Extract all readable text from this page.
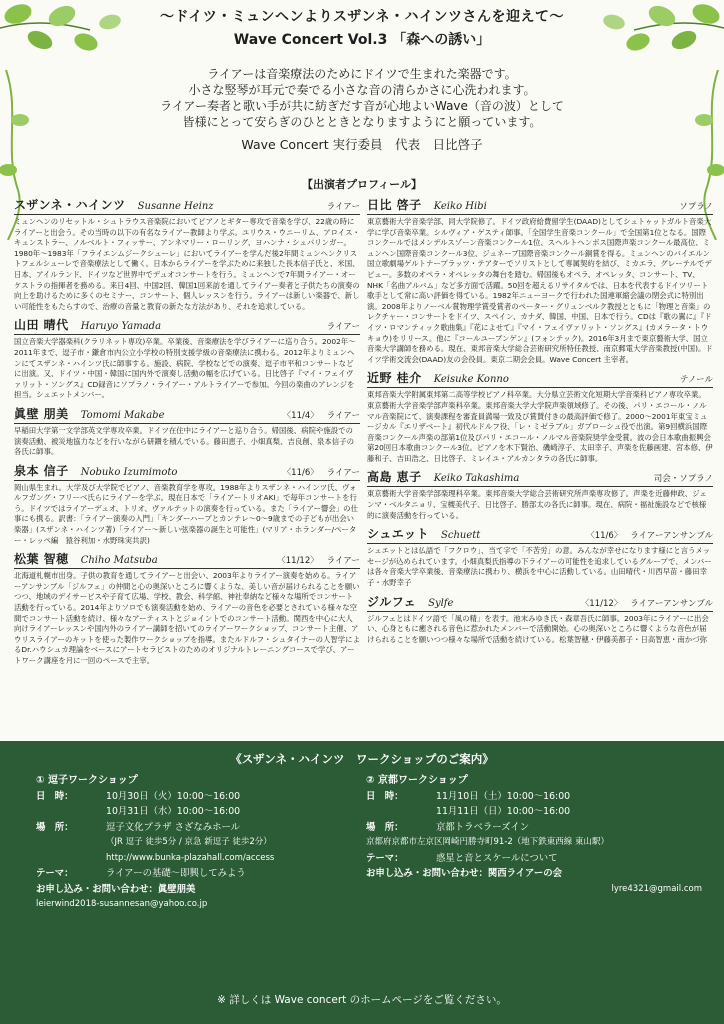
～ドイツ・ミュンヘンよりスザンネ・ハインツさんを迎えて～
Wave Concert Vol.3 「森への誘い」
ライアーは音楽療法のためにドイツで生まれた楽器です。
小さな竪琴が耳元で奏でる小さな音の清らかさに心洗われます。
ライアー奏者と歌い手が共に紡ぎだす音が心地よいWave（音の波）として
皆様にとって安らぎのひとときとなりますようにと願っています。
Wave Concert 実行委員　代表　日比啓子
【出演者プロフィール】
スザンネ・ハインツ Susanne Heinz	ライアー

ミュンヘンのリセットル・シュトラウス音楽院においてピアノとギター専攻で音楽を学び、22歳の時にライアーと出会う。その当時の以下の有名なライアー教師より学ぶ。ユリウス・ウニーリム、アロイス・キュンストラー、ノルベルト・フィッサー、アンネマリー・ローリング、ヨハンナ・シュパリンガー。1980年～1983年「フライエンムジークシューレ」においてライアーを学んだ後2年間ミュンヘンクリストフェルシューレで音楽療法として働く。日本からライアーを学ぶために来独した長本信子氏と、米国、日本、アイルランド、ドイツなど世界中でデュオコンサートを行う。ミュンヘンで7年間ライアー・オーケストラの指揮者を務める。来日4回、中国2回、韓国1回来訪を通してライアー奏者と子供たちの演奏の向上を助けるために多くのセミナー、コンサート、個人レッスンを行う。ライアーは新しい楽器で、新しい可能性をもたらすので、治療の音量と教育の新たな方法があり、それを追求している。

山田 晴代 Haruyo Yamada	ライアー

国立音楽大学器楽科(クラリネット専攻)卒業。卒業後、音楽療法を学びライアーに巡り合う。2002年～2011年まで、逗子市・鎌倉市内公立小学校の特別支援学級の音楽療法に携わる。2012年よりミュンヘンにてスザンネ・ハインツ氏に師事する。施設、病院、学校などでの演奏、逗子市平和コンサートなどに出演。又、ドイツ・中国・韓国に国内外で演奏し活動の幅を広げている。日比啓子『マイ・フェイヴァリット・ソングス』CD録音にソプラノ・ライアー・アルトライアーで参加。今回の楽曲のアレンジを担当。シュエットメンバー。

眞壁 朋美 Tomomi Makabe	〈11/4〉 ライアー

早稲田大学第一文学部英文学専攻卒業。ドイツ在住中にライアーと巡り合う。帰国後、病院や施設での演奏活動、被災地協力などを行いながら研鑽を積んでいる。藤田恵子、小畑真梨、吉良創、泉本信子の各氏に師事。

泉本 信子 Nobuko Izumimoto	〈11/6〉 ライアー

岡山県生まれ。大学及び大学院でピアノ、音楽教育学を専攻。1988年よりスザンネ・ハインツ氏、ヴォルフガング・フリーベ氏らにライアーを学ぶ。現在日本で「ライアートリオAKI」で毎年コンサートを行う。ドイツではライアーデュオ、トリオ、ヴァルテットの演奏を行っている。また「ライアー響会」の仕事にも携る。訳書：「ライアー演奏の入門」「キンダーハープとカンテレ～0～9歳までの子どもが出会い楽器」(スザンネ・ハインツ著)「ライアー～新しい弦楽器の誕生と可能性」(マリア・ホランダー/ペーター・レッペ編　猿谷利加・水野珠実共訳)

松葉 智穂 Chiho Matsuba	〈11/12〉 ライアー

北海道札幌市出身。子供の教育を通してライアーと出会い、2003年よりライアー演奏を始める。ライアーアンサンブル「ジルフェ」の仲間と心の奥深いところに響くような、美しい音が届けられることを願いつつ、地域のデイサービスや子育て広場、学校、教会、科学館、神社奉納など様々な場所でコンサート活動を行っている。2014年よりソロでも演奏活動を始め、ライアーの音色を必要とされている様々な空間でコンサート活動を続け、様々なアーティストとジョイントでのコンサート活動。関西を中心に大人向けライアーレッスンや国内外のライアー講師を招いてのライアーワークショップ、コンサート主催、アウリスライアーのキットを使った製作ワークショップを指導。またルドルフ・シュタイナーの人智学によるDr.ハウシュカ理論をベースにアートセラピストのためのオリジナルトレーニングコースで学び、アートワーク講座を月に一回のペースで主宰。

日比 啓子 Keiko Hibi	ソプラノ

東京藝術大学音楽学部、同大学院修了。ドイツ政府給費留学生(DAAD)としてシュトゥットガルト音楽大学に学び音楽卒業。シルヴィア・ゲスティ師事。「全国学生音楽コンクール」で全国第1位となる。国際コンクールではメンデルスゾーン音楽コンクール1位、スヘルトヘンボス国際声楽コンクール最高位、ミュンヘン国際音楽コンクール3位、ジュネーブ国際音楽コンクール銅賞を得る。ミュンヘンのバイエルン国立歌劇場ゲルトナープラッツ・テアターでソリストとして専属契約を結び、ミカエラ、グレーテルでデビュー。多数のオペラ・オペレッタの舞台を踏む。帰国後もオペラ、オペレッタ、コンサート、TV、NHK「名曲アルバム」など多方面で活躍。50回を超えるリサイタルでは、日本を代表するドイツリート歌手として常に高い評価を得ている。1982年ニューヨークで行われた国連軍縮会議の閉会式に特別出演。2008年よりノーベル賞物理学賞受賞者のペーター・グリュンベルク教授とともに「物理と音楽」のレクチャー・コンサートをドイツ、スペイン、カナダ、韓国、中国、日本で行う。CDは『歌の翼に』『ドイツ・ロマンティック歌曲集』『花によせて』『マイ・フェイヴァリット・ソングス』(カメラータ・トウキョウ)をリリース。他に『コールユーブンゲン』(フォンテック)。2016年3月まで東京藝術大学、国立音楽大学講師を務める。現在、東邦音楽大学総合芸術研究所特任教授、南京郵電大学音楽教授(中国)。ドイツ学術交流会(DAAD)友の会役員。東京二期会会員。Wave Concert 主宰者。

近野 桂介 Keisuke Konno	テノール

東邦音楽大学附属東邦第二高等学校ピアノ科卒業。大分県立芸術文化短期大学音楽科ピアノ専攻卒業。東京藝術大学音楽学部声楽科卒業。東邦音楽大学大学院声楽領域修了。その後、パリ・エコール・ノルマル音楽院にて、演奏課程を審査員満場一致及び賞賛付きの最高評価で修了。2000～2001年東宝ミュージカル『エリザベート』初代ルドルフ役、「レ・ミゼラブル」ガブローシュ役で出演。第9回横浜国際音楽コンクール声楽の部第1位及びパリ・エコール・ノルマル音楽院奨学金受賞。波の会日本歌曲振興会第20回日本歌曲コンクール3位。ピアノを木下賢治、磯崎淳子、太田幸子、声楽を佐藤画建、宮本修、伊藤和子、吉田浩之、日比啓子、ミレイユ・アルカンタラの各氏に師事。

高島 恵子 Keiko Takashima	司会・ソプラノ

東京藝術大学音楽学部楽理科卒業。東邦音楽大学総合芸術研究所声楽専攻修了。声楽を近藤伸政、ジェンマ・ベルタニョリ、宝槻美代子、日比啓子、勝部太の各氏に師事。現在、病院・福祉施設などで核様的に演奏活動を行っている。

シュエット Schuett	〈11/6〉 ライアーアンサンブル

シュエットとは仏語で「フクロウ」、当て字で「不苦労」の意。みんなが幸せになります様にと言うメッセージが込められています。小畑真梨氏指導の下ライアーの可能性を追求しているグループで、メンバーは各々音楽大学卒業後、音楽療法に携わり、横浜を中心に活動している。山田晴代・川西早苗・藤田幸子・水野幸子

ジルフェ Sylfe	〈11/12〉 ライアーアンサンブル

ジルフェとはドイツ語で「風の精」を表す。池末みゆき氏・森章吾氏に師事。2003年にライアーに出会い、心身ともに癒される音色に惹かれたメンバーで活動開始。心の奥深いところに響くような音色が届けられることを願いつつ様々な場所で活動を続けている。松葉智穂・伊藤美都子・日高智恵・南かづ弥

《スザンネ・ハインツ　ワークショップのご案内》
① 逗子ワークショップ
日　時：	10月30日（火）10:00～16:00
10月31日（水）10:00～16:00
場　所：	逗子文化プラザ さざなみホール
（JR 逗子 徒歩5分 / 京急 新逗子 徒歩2分）
http://www.bunka-plazahall.com/access
テーマ：	ライアーの基礎～即興してみよう
お申し込み・お問い合わせ： 眞壁朋美
leierwind2018-susannesan@yahoo.co.jp
② 京都ワークショップ
日　時：	11月10日（土）10:00～16:00
11月11日（日）10:00～16:00
場　所：	京都トラベラーズイン
京都府京都市左京区岡崎円勝寺町91-2（地下鉄東西線 東山駅）
テーマ：	惑星と音とスケールについて
お申し込み・お問い合わせ： 関西ライアーの会
lyre4321@gmail.com
※ 詳しくは Wave concert のホームページをご覧ください。
